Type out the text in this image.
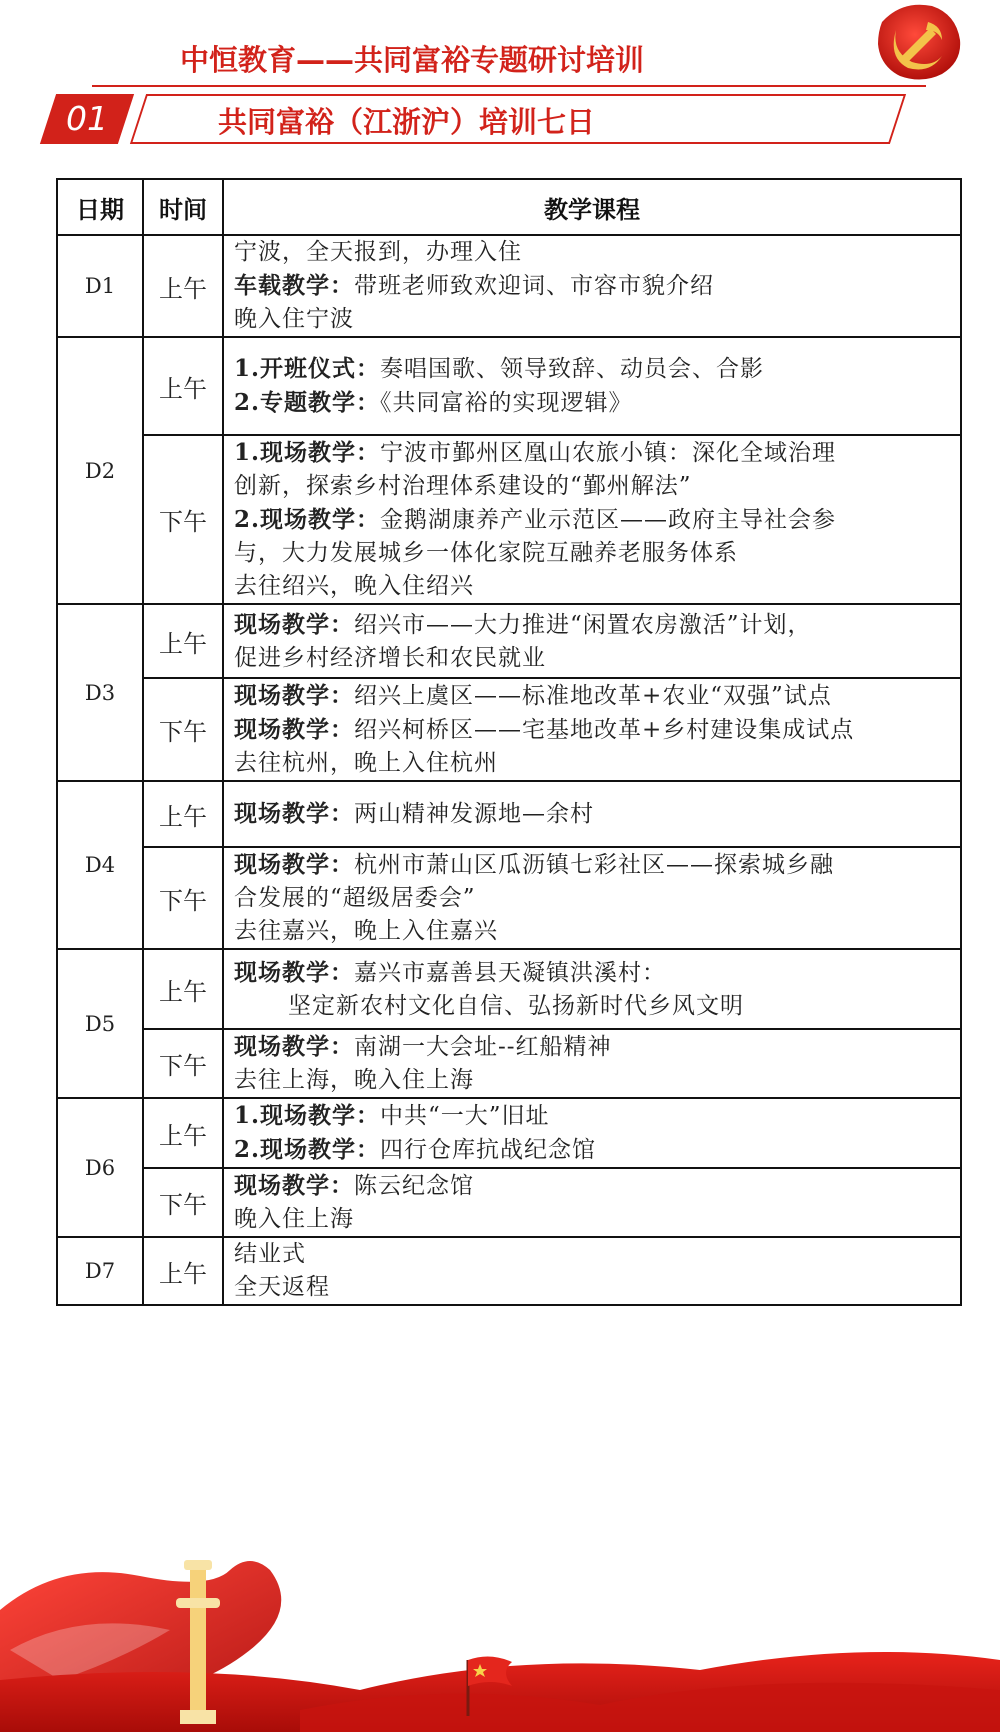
中恒教育——共同富裕专题研讨培训
01	共同富裕（江浙沪）培训七日
日期	时间	教学课程
D1	上午	宁波，全天报到，办理入住
车载教学：带班老师致欢迎词、市容市貌介绍
晚入住宁波

D2	上午	1.开班仪式：奏唱国歌、领导致辞、动员会、合影
2.专题教学：《共同富裕的实现逻辑》

	下午	1.现场教学：宁波市鄞州区凰山农旅小镇：深化全域治理
创新，探索乡村治理体系建设的“鄞州解法”
2.现场教学：金鹅湖康养产业示范区——政府主导社会参
与，大力发展城乡一体化家院互融养老服务体系
去往绍兴，晚入住绍兴

D3	上午	现场教学：绍兴市——大力推进“闲置农房激活”计划，
促进乡村经济增长和农民就业

	下午	现场教学：绍兴上虞区——标准地改革+农业“双强”试点
现场教学：绍兴柯桥区——宅基地改革+乡村建设集成试点
去往杭州，晚上入住杭州

D4	上午	现场教学：两山精神发源地—余村

	下午	现场教学：杭州市萧山区瓜沥镇七彩社区——探索城乡融
合发展的“超级居委会”
去往嘉兴，晚上入住嘉兴

D5	上午	现场教学：嘉兴市嘉善县天凝镇洪溪村：
坚定新农村文化自信、弘扬新时代乡风文明

	下午	现场教学：南湖一大会址--红船精神
去往上海，晚入住上海

D6	上午	1.现场教学：中共“一大”旧址
2.现场教学：四行仓库抗战纪念馆

	下午	现场教学：陈云纪念馆
晚入住上海

D7	上午	结业式
全天返程
